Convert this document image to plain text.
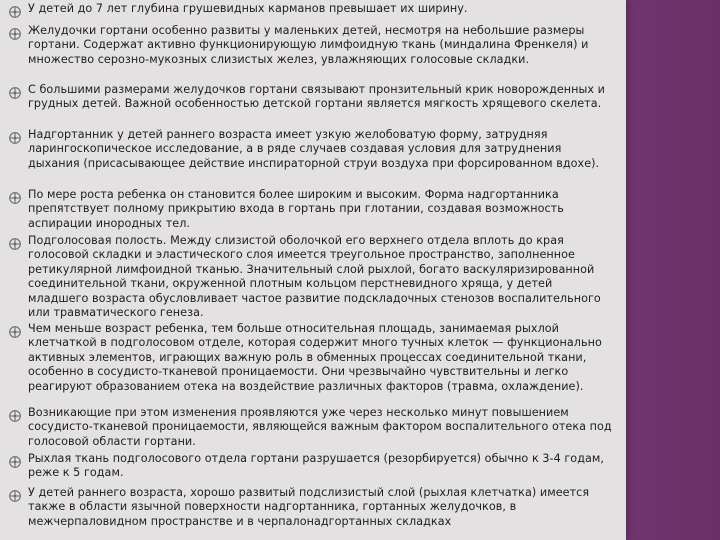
У детей до 7 лет глубина грушевидных карманов превышает их ширину.
Желудочки гортани особенно развиты у маленьких детей, несмотря на небольшие размеры гортани. Содержат активно функционирующую лимфоидную ткань (миндалина Френкеля) и множество серозно-мукозных слизистых желез, увлажняющих голосовые складки.
С большими размерами желудочков гортани связывают пронзительный крик новорожденных и грудных детей. Важной особенностью детской гортани является мягкость хрящевого скелета.
Надгортанник у детей раннего возраста имеет узкую желобоватую форму, затрудняя ларингоскопическое исследование, а в ряде случаев создавая условия для затруднения дыхания (присасывающее действие инспираторной струи воздуха при форсированном вдохе).
По мере роста ребенка он становится более широким и высоким. Форма надгортанника препятствует полному прикрытию входа в гортань при глотании, создавая возможность аспирации инородных тел.
Подголосовая полость. Между слизистой оболочкой его верхнего отдела вплоть до края голосовой складки и эластического слоя имеется треугольное пространство, заполненное ретикулярной лимфоидной тканью. Значительный слой рыхлой, богато васкуляризированной соединительной ткани, окруженной плотным кольцом перстневидного хряща, у детей младшего возраста обусловливает частое развитие подскладочных стенозов воспалительного или травматического генеза.
Чем меньше возраст ребенка, тем больше относительная площадь, занимаемая рыхлой клетчаткой в подголосовом отделе, которая содержит много тучных клеток — функционально активных элементов, играющих важную роль в обменных процессах соединительной ткани, особенно в сосудисто-тканевой проницаемости. Они чрезвычайно чувствительны и легко реагируют образованием отека на воздействие различных факторов (травма, охлаждение).
Возникающие при этом изменения проявляются уже через несколько минут повышением сосудисто-тканевой проницаемости, являющейся важным фактором воспалительного отека под голосовой области гортани.
Рыхлая ткань подголосового отдела гортани разрушается (резорбируется) обычно к 3-4 годам, реже к 5 годам.
У детей раннего возраста, хорошо развитый подслизистый слой (рыхлая клетчатка) имеется также в области язычной поверхности надгортанника, гортанных желудочков, в межчерпаловидном пространстве и в черпалонадгортанных складках
